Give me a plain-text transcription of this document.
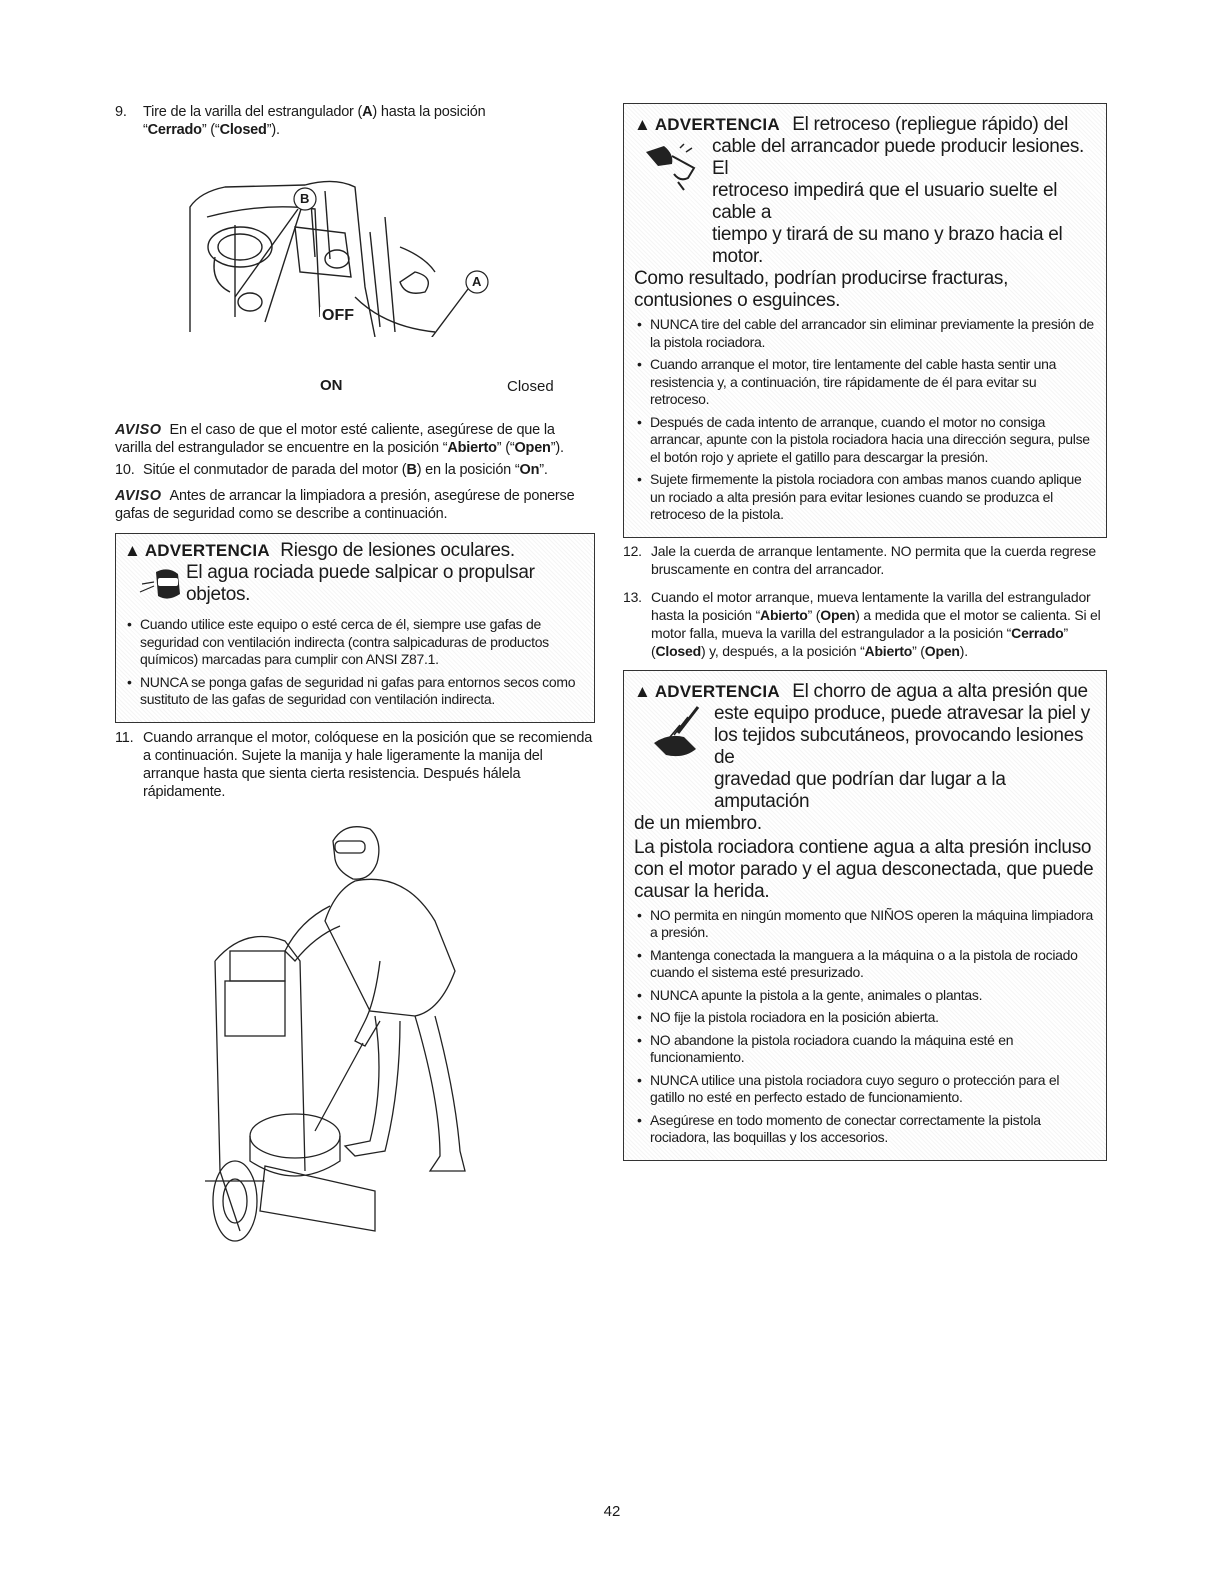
9. Tire de la varilla del estrangulador (A) hasta la posición
“Cerrado” (“Closed”).
B
A
OFF
ON	Closed
AVISO En el caso de que el motor esté caliente, asegúrese de que la varilla del estrangulador se encuentre en la posición “Abierto” (“Open”).
10. Sitúe el conmutador de parada del motor (B) en la posición “On”.
AVISO Antes de arrancar la limpiadora a presión, asegúrese de ponerse gafas de seguridad como se describe a continuación.
▲ ADVERTENCIA Riesgo de lesiones oculares.
El agua rociada puede salpicar o propulsar
objetos.
• Cuando utilice este equipo o esté cerca de él, siempre use gafas de seguridad con ventilación indirecta (contra salpicaduras de productos químicos) marcadas para cumplir con ANSI Z87.1.
• NUNCA se ponga gafas de seguridad ni gafas para entornos secos como sustituto de las gafas de seguridad con ventilación indirecta.
11. Cuando arranque el motor, colóquese en la posición que se recomienda a continuación. Sujete la manija y hale ligeramente la manija del arranque hasta que sienta cierta resistencia. Después hálela rápidamente.
▲ ADVERTENCIA El retroceso (repliegue rápido) del
cable del arrancador puede producir lesiones. El
retroceso impedirá que el usuario suelte el cable a
tiempo y tirará de su mano y brazo hacia el motor.
Como resultado, podrían producirse fracturas,
contusiones o esguinces.
• NUNCA tire del cable del arrancador sin eliminar previamente la presión de la pistola rociadora.
• Cuando arranque el motor, tire lentamente del cable hasta sentir una resistencia y, a continuación, tire rápidamente de él para evitar su retroceso.
• Después de cada intento de arranque, cuando el motor no consiga arrancar, apunte con la pistola rociadora hacia una dirección segura, pulse el botón rojo y apriete el gatillo para descargar la presión.
• Sujete firmemente la pistola rociadora con ambas manos cuando aplique un rociado a alta presión para evitar lesiones cuando se produzca el retroceso de la pistola.
12. Jale la cuerda de arranque lentamente. NO permita que la cuerda regrese bruscamente en contra del arrancador.
13. Cuando el motor arranque, mueva lentamente la varilla del estrangulador hasta la posición “Abierto” (Open) a medida que el motor se calienta. Si el motor falla, mueva la varilla del estrangulador a la posición “Cerrado” (Closed) y, después, a la posición “Abierto” (Open).
▲ ADVERTENCIA El chorro de agua a alta presión que
este equipo produce, puede atravesar la piel y
los tejidos subcutáneos, provocando lesiones de
gravedad que podrían dar lugar a la amputación
de un miembro.
La pistola rociadora contiene agua a alta presión incluso con el motor parado y el agua desconectada, que puede causar la herida.
• NO permita en ningún momento que NIÑOS operen la máquina limpiadora a presión.
• Mantenga conectada la manguera a la máquina o a la pistola de rociado cuando el sistema esté presurizado.
• NUNCA apunte la pistola a la gente, animales o plantas.
• NO fije la pistola rociadora en la posición abierta.
• NO abandone la pistola rociadora cuando la máquina esté en funcionamiento.
• NUNCA utilice una pistola rociadora cuyo seguro o protección para el gatillo no esté en perfecto estado de funcionamiento.
• Asegúrese en todo momento de conectar correctamente la pistola rociadora, las boquillas y los accesorios.
42
